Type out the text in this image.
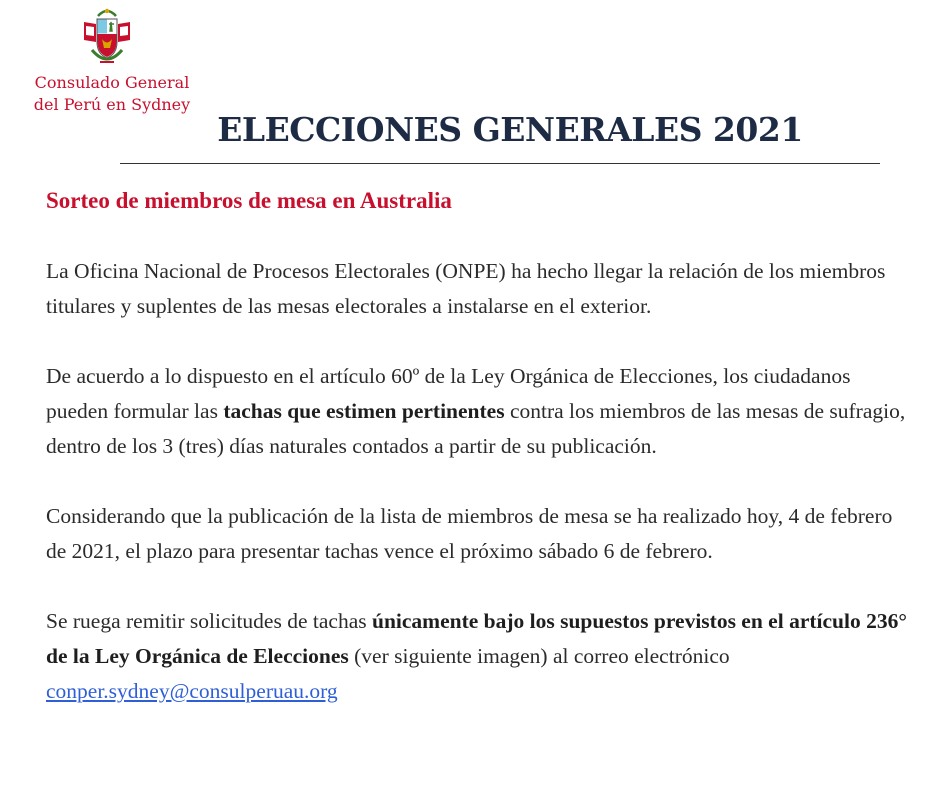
Consulado General
del Perú en Sydney
ELECCIONES GENERALES 2021
Sorteo de miembros de mesa en Australia

La Oficina Nacional de Procesos Electorales (ONPE) ha hecho llegar la relación de los miembros titulares y suplentes de las mesas electorales a instalarse en el exterior.

De acuerdo a lo dispuesto en el artículo 60º de la Ley Orgánica de Elecciones, los ciudadanos pueden formular las tachas que estimen pertinentes contra los miembros de las mesas de sufragio, dentro de los 3 (tres) días naturales contados a partir de su publicación.

Considerando que la publicación de la lista de miembros de mesa se ha realizado hoy, 4 de febrero de 2021, el plazo para presentar tachas vence el próximo sábado 6 de febrero.

Se ruega remitir solicitudes de tachas únicamente bajo los supuestos previstos en el artículo 236° de la Ley Orgánica de Elecciones (ver siguiente imagen) al correo electrónico conper.sydney@consulperuau.org
